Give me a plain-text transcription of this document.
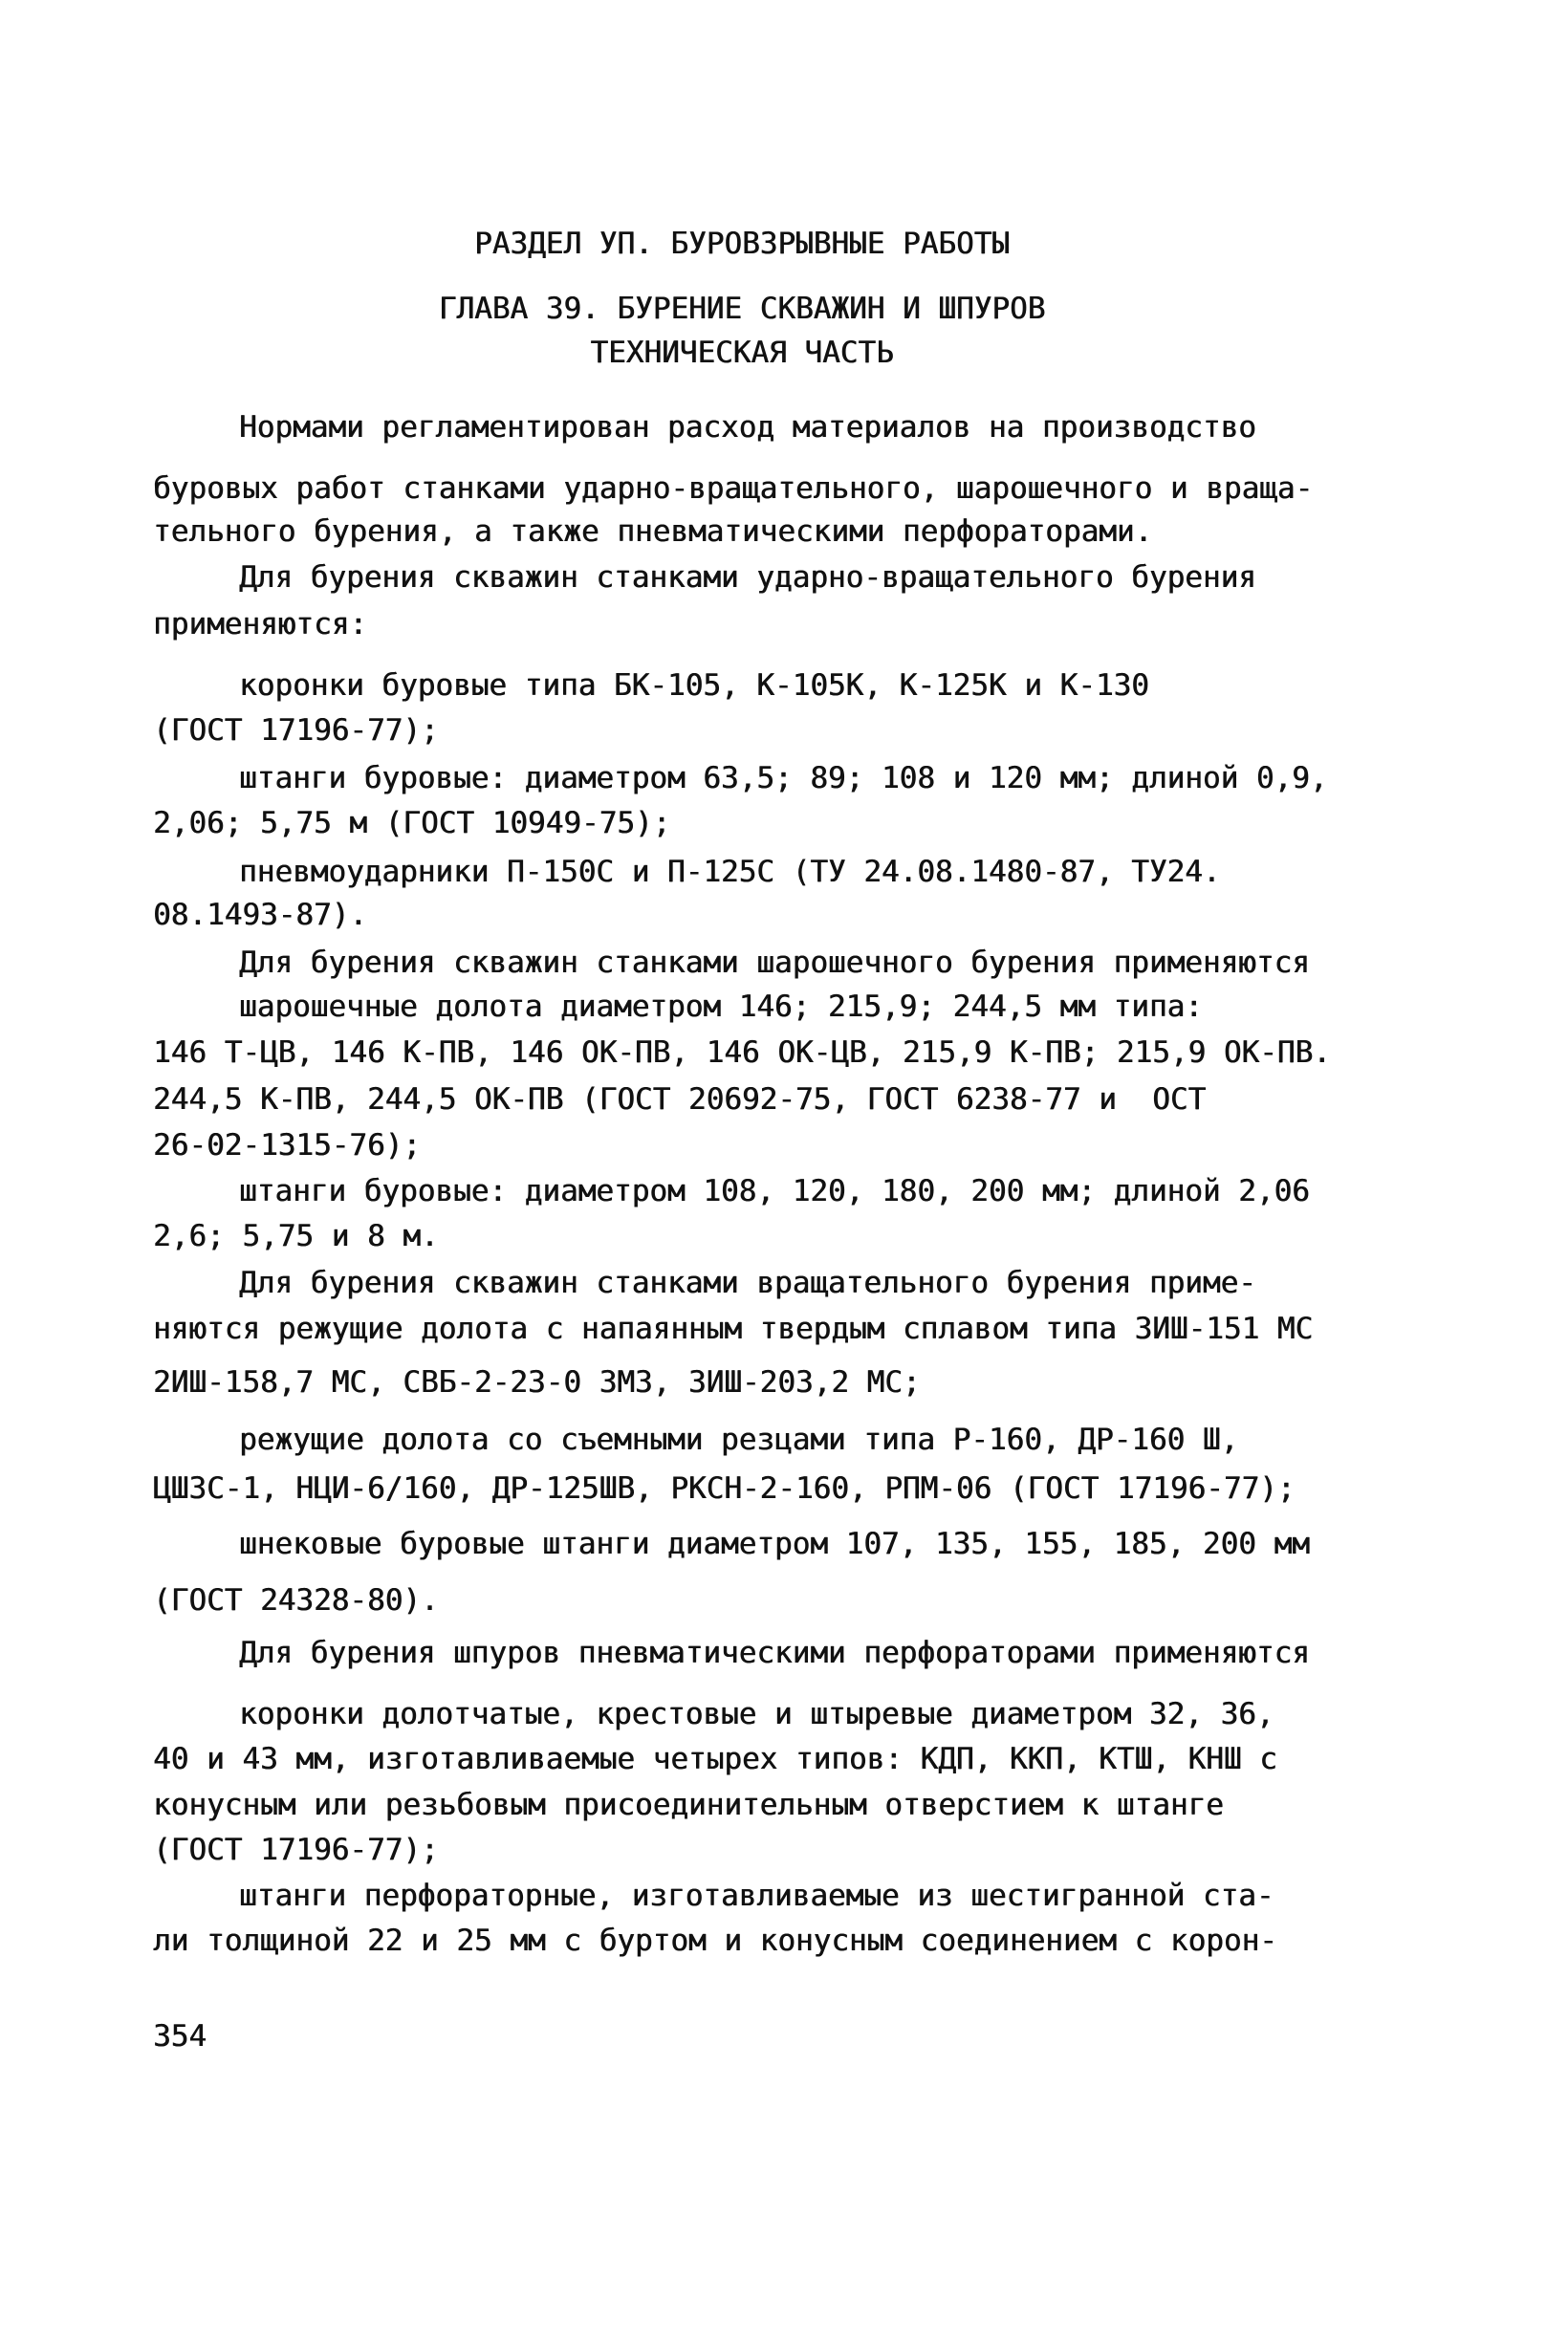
РАЗДЕЛ УП. БУРОВЗРЫВНЫЕ РАБОТЫ
ГЛАВА 39. БУРЕНИЕ СКВАЖИН И ШПУРОВ
ТЕХНИЧЕСКАЯ ЧАСТЬ
Нормами регламентирован расход материалов на производство
буровых работ станками ударно-вращательного, шарошечного и враща-
тельного бурения, а также пневматическими перфораторами.
Для бурения скважин станками ударно-вращательного бурения
применяются:
коронки буровые типа БК-105, К-105К, К-125К и К-130
(ГОСТ 17196-77);
штанги буровые: диаметром 63,5; 89; 108 и 120 мм; длиной 0,9,
2,06; 5,75 м (ГОСТ 10949-75);
пневмоударники П-150С и П-125С (ТУ 24.08.1480-87, ТУ24.
08.1493-87).
Для бурения скважин станками шарошечного бурения применяются
шарошечные долота диаметром 146; 215,9; 244,5 мм типа:
146 Т-ЦВ, 146 К-ПВ, 146 ОК-ПВ, 146 ОК-ЦВ, 215,9 К-ПВ; 215,9 ОК-ПВ.
244,5 К-ПВ, 244,5 ОК-ПВ (ГОСТ 20692-75, ГОСТ 6238-77 и  ОСТ
26-02-1315-76);
штанги буровые: диаметром 108, 120, 180, 200 мм; длиной 2,06
2,6; 5,75 и 8 м.
Для бурения скважин станками вращательного бурения приме-
няются режущие долота с напаянным твердым сплавом типа 3ИШ-151 МС
2ИШ-158,7 МС, СВБ-2-23-0 ЗМЗ, 3ИШ-203,2 МС;
режущие долота со съемными резцами типа Р-160, ДР-160 Ш,
ЦШЗС-1, НЦИ-6/160, ДР-125ШВ, РКСН-2-160, РПМ-06 (ГОСТ 17196-77);
шнековые буровые штанги диаметром 107, 135, 155, 185, 200 мм
(ГОСТ 24328-80).
Для бурения шпуров пневматическими перфораторами применяются
коронки долотчатые, крестовые и штыревые диаметром 32, 36,
40 и 43 мм, изготавливаемые четырех типов: КДП, ККП, КТШ, КНШ с
конусным или резьбовым присоединительным отверстием к штанге
(ГОСТ 17196-77);
штанги перфораторные, изготавливаемые из шестигранной ста-
ли толщиной 22 и 25 мм с буртом и конусным соединением с корон-
354
